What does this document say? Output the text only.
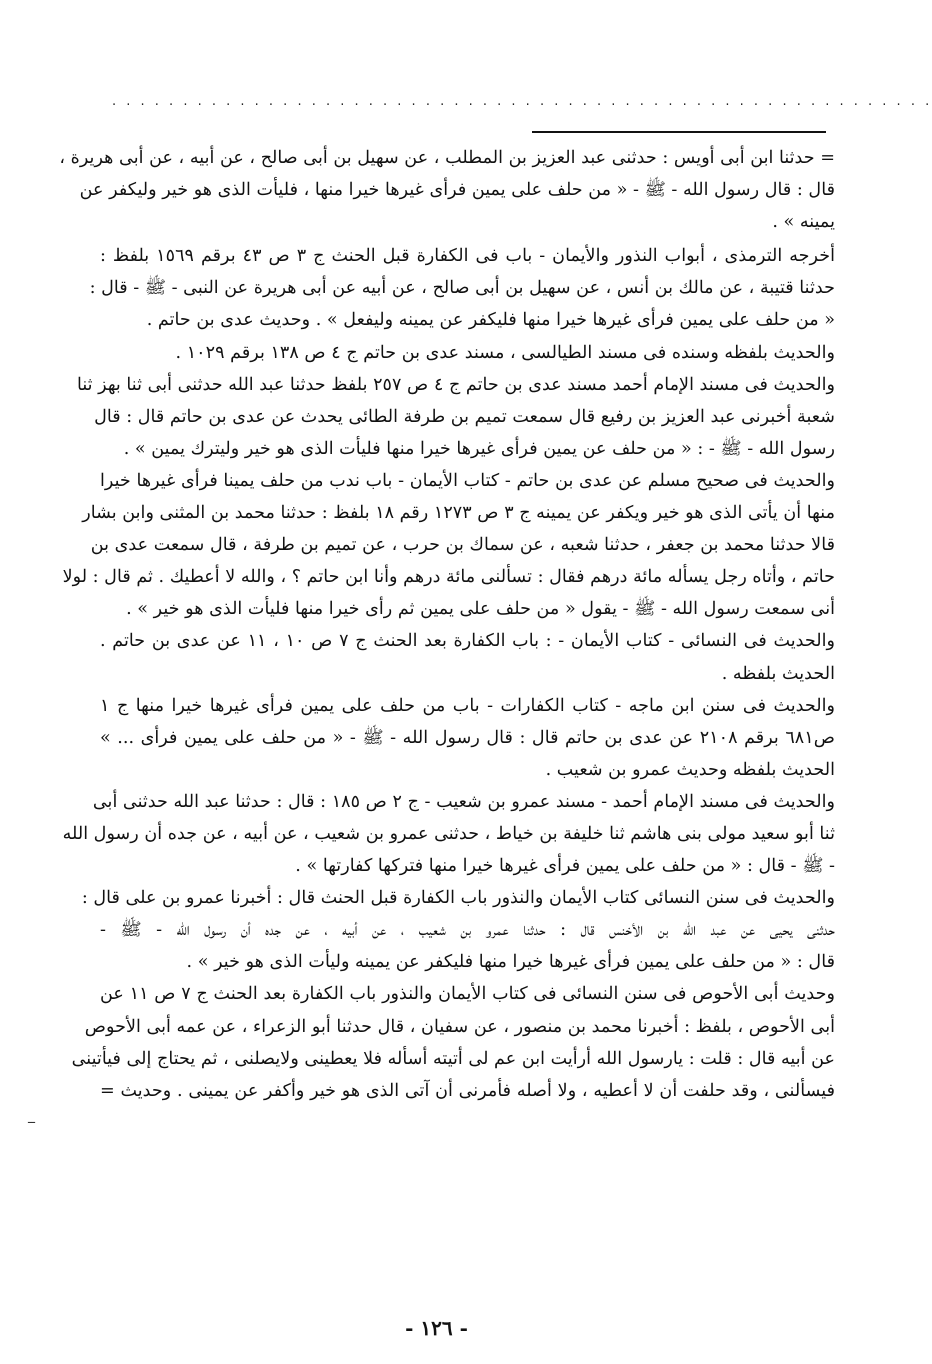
. . . . . . . . . . . . . . . . . . . . . . . . . . . . . . . . . . . . . . . . . . . . . . . . . . . . . . . . . .
= حدثنا ابن أبى أويس : حدثنى عبد العزيز بن المطلب ، عن سهيل بن أبى صالح ، عن أبيه ، عن أبى هريرة ،
قال : قال رسول الله - ﷺ - « من حلف على يمين فرأى غيرها خيرا منها ، فليأت الذى هو خير وليكفر عن
يمينه » .
أخرجه الترمذى ، أبواب النذور والأيمان - باب فى الكفارة قبل الحنث ج ٣ ص ٤٣ برقم ١٥٦٩ بلفظ :
حدثنا قتيبة ، عن مالك بن أنس ، عن سهيل بن أبى صالح ، عن أبيه عن أبى هريرة عن النبى - ﷺ - قال :
« من حلف على يمين فرأى غيرها خيرا منها فليكفر عن يمينه وليفعل » . وحديث عدى بن حاتم .
والحديث بلفظه وسنده فى مسند الطيالسى ، مسند عدى بن حاتم ج ٤ ص ١٣٨ برقم ١٠٢٩ .
والحديث فى مسند الإمام أحمد مسند عدى بن حاتم ج ٤ ص ٢٥٧ بلفظ حدثنا عبد الله حدثنى أبى ثنا بهز ثنا
شعبة أخبرنى عبد العزيز بن رفيع قال سمعت تميم بن طرفة الطائى يحدث عن عدى بن حاتم قال : قال
رسول الله - ﷺ - : « من حلف عن يمين فرأى غيرها خيرا منها فليأت الذى هو خير وليترك يمين » .
والحديث فى صحيح مسلم عن عدى بن حاتم - كتاب الأيمان - باب ندب من حلف يمينا فرأى غيرها خيرا
منها أن يأتى الذى هو خير ويكفر عن يمينه ج ٣ ص ١٢٧٣ رقم ١٨ بلفظ : حدثنا محمد بن المثنى وابن بشار
قالا حدثنا محمد بن جعفر ، حدثنا شعبه ، عن سماك بن حرب ، عن تميم بن طرفة ، قال سمعت عدى بن
حاتم ، وأتاه رجل يسأله مائة درهم فقال : تسألنى مائة درهم وأنا ابن حاتم ؟ ، والله لا أعطيك . ثم قال : لولا
أنى سمعت رسول الله - ﷺ - يقول « من حلف على يمين ثم رأى خيرا منها فليأت الذى هو خير » .
والحديث فى النسائى - كتاب الأيمان - : باب الكفارة بعد الحنث ج ٧ ص ١٠ ، ١١ عن عدى بن حاتم .
الحديث بلفظه .
والحديث فى سنن ابن ماجه - كتاب الكفارات - باب من حلف على يمين فرأى غيرها خيرا منها ج ١
ص٦٨١ برقم ٢١٠٨ عن عدى بن حاتم قال : قال رسول الله - ﷺ - « من حلف على يمين فرأى ... »
الحديث بلفظه وحديث عمرو بن شعيب .
والحديث فى مسند الإمام أحمد - مسند عمرو بن شعيب - ج ٢ ص ١٨٥ : قال : حدثنا عبد الله حدثنى أبى
ثنا أبو سعيد مولى بنى هاشم ثنا خليفة بن خياط ، حدثنى عمرو بن شعيب ، عن أبيه ، عن جده أن رسول الله
- ﷺ - قال : « من حلف على يمين فرأى غيرها خيرا منها فتركها كفارتها » .
والحديث فى سنن النسائى كتاب الأيمان والنذور باب الكفارة قبل الحنث قال : أخبرنا عمرو بن على قال :
حدثنى يحيى عن عبد الله بن الأخنس قال : حدثنا عمرو بن شعيب ، عن أبيه ، عن جده أن رسول الله - ﷺ -
قال : « من حلف على يمين فرأى غيرها خيرا منها فليكفر عن يمينه وليأت الذى هو خير » .
وحديث أبى الأحوص فى سنن النسائى فى كتاب الأيمان والنذور باب الكفارة بعد الحنث ج ٧ ص ١١ عن
أبى الأحوص ، بلفظ : أخبرنا محمد بن منصور ، عن سفيان ، قال حدثنا أبو الزعراء ، عن عمه أبى الأحوص
عن أبيه قال : قلت : يارسول الله أرأيت ابن عم لى أتيته أسأله فلا يعطينى ولايصلنى ، ثم يحتاج إلى فيأتينى
فيسألنى ، وقد حلفت أن لا أعطيه ، ولا أصله فأمرنى أن آتى الذى هو خير وأكفر عن يمينى . وحديث =
ــ
- ١٢٦ -
